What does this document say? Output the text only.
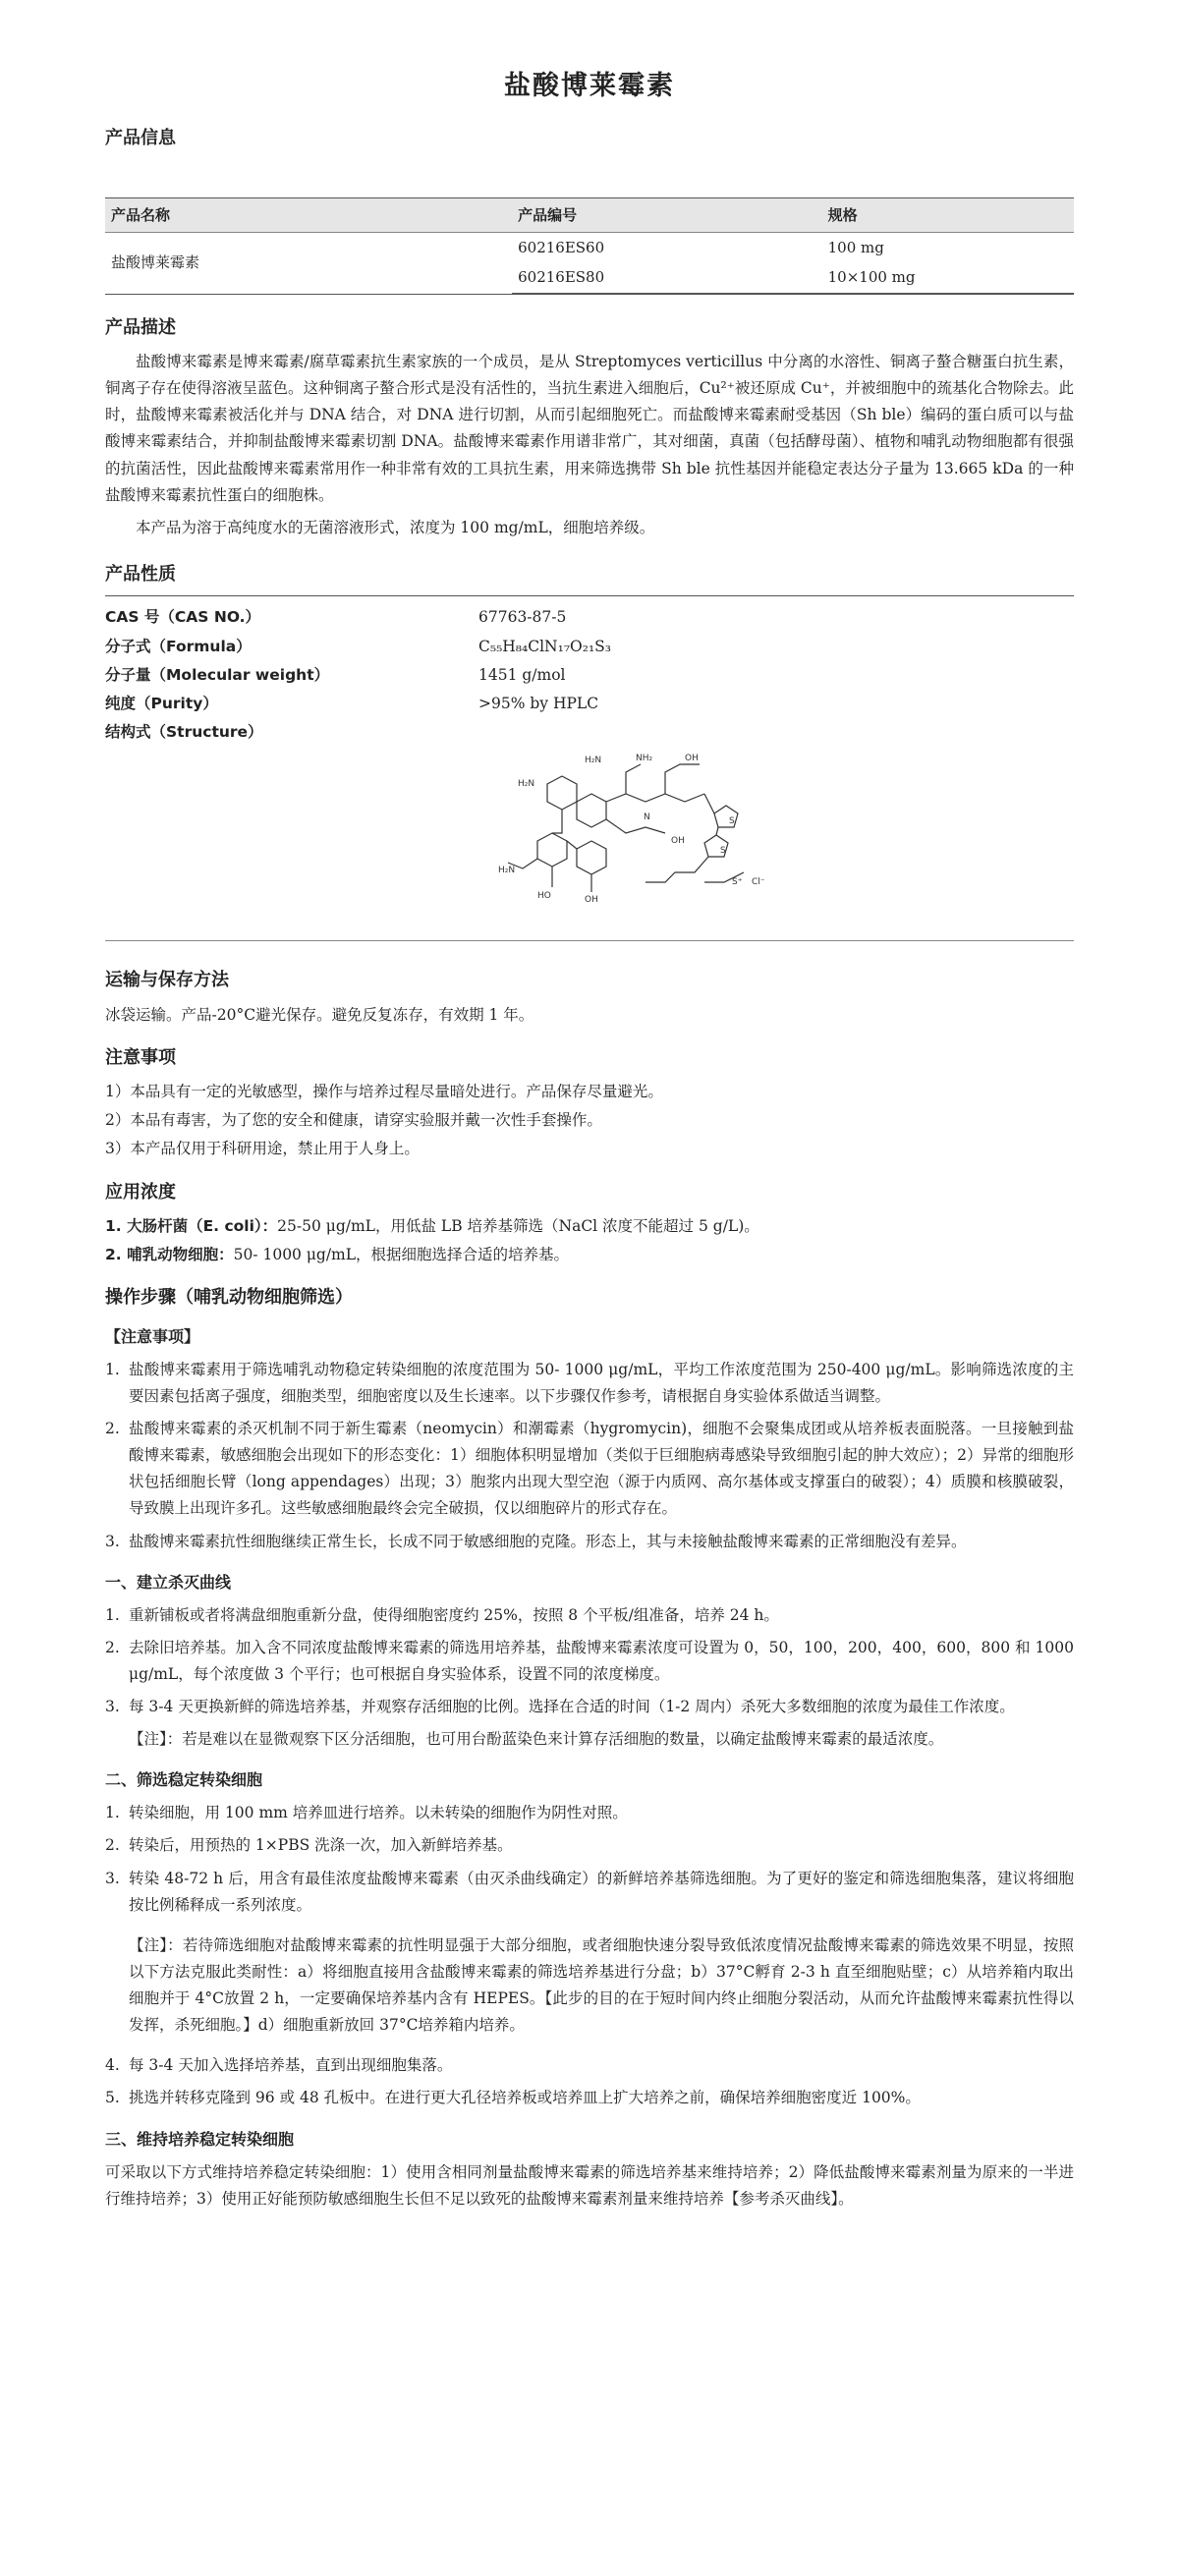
盐酸博莱霉素
产品信息
产品名称	产品编号	规格
盐酸博莱霉素	60216ES60	100 mg
	60216ES80	10×100 mg
产品描述

盐酸博来霉素是博来霉素/腐草霉素抗生素家族的一个成员，是从 Streptomyces verticillus 中分离的水溶性、铜离子螯合糖蛋白抗生素，铜离子存在使得溶液呈蓝色。这种铜离子螯合形式是没有活性的，当抗生素进入细胞后，Cu²⁺被还原成 Cu⁺，并被细胞中的巯基化合物除去。此时，盐酸博来霉素被活化并与 DNA 结合，对 DNA 进行切割，从而引起细胞死亡。而盐酸博来霉素耐受基因（Sh ble）编码的蛋白质可以与盐酸博来霉素结合，并抑制盐酸博来霉素切割 DNA。盐酸博来霉素作用谱非常广，其对细菌，真菌（包括酵母菌）、植物和哺乳动物细胞都有很强的抗菌活性，因此盐酸博来霉素常用作一种非常有效的工具抗生素，用来筛选携带 Sh ble 抗性基因并能稳定表达分子量为 13.665 kDa 的一种盐酸博来霉素抗性蛋白的细胞株。

本产品为溶于高纯度水的无菌溶液形式，浓度为 100 mg/mL，细胞培养级。

产品性质
CAS 号（CAS NO.）	67763-87-5
分子式（Formula）	C₅₅H₈₄ClN₁₇O₂₁S₃
分子量（Molecular weight）	1451 g/mol
纯度（Purity）	>95% by HPLC
结构式（Structure）
H₂N
H₂N	NH₂	OH
N
OH
H₂N
HO	OH
S
S
S⁺ Cl⁻
运输与保存方法
冰袋运输。产品-20°C避光保存。避免反复冻存，有效期 1 年。
注意事项
1）本品具有一定的光敏感型，操作与培养过程尽量暗处进行。产品保存尽量避光。
2）本品有毒害，为了您的安全和健康，请穿实验服并戴一次性手套操作。
3）本产品仅用于科研用途，禁止用于人身上。
应用浓度
1. 大肠杆菌（E. coli）：25-50 μg/mL，用低盐 LB 培养基筛选（NaCl 浓度不能超过 5 g/L)。
2. 哺乳动物细胞：50- 1000 μg/mL，根据细胞选择合适的培养基。
操作步骤（哺乳动物细胞筛选）
【注意事项】
1. 盐酸博来霉素用于筛选哺乳动物稳定转染细胞的浓度范围为 50- 1000 μg/mL，平均工作浓度范围为 250-400 μg/mL。影响筛选浓度的主要因素包括离子强度，细胞类型，细胞密度以及生长速率。以下步骤仅作参考，请根据自身实验体系做适当调整。
2. 盐酸博来霉素的杀灭机制不同于新生霉素（neomycin）和潮霉素（hygromycin)，细胞不会聚集成团或从培养板表面脱落。一旦接触到盐酸博来霉素，敏感细胞会出现如下的形态变化：1）细胞体积明显增加（类似于巨细胞病毒感染导致细胞引起的肿大效应）；2）异常的细胞形状包括细胞长臂（long appendages）出现；3）胞浆内出现大型空泡（源于内质网、高尔基体或支撑蛋白的破裂）；4）质膜和核膜破裂，导致膜上出现许多孔。这些敏感细胞最终会完全破损，仅以细胞碎片的形式存在。
3. 盐酸博来霉素抗性细胞继续正常生长，长成不同于敏感细胞的克隆。形态上，其与未接触盐酸博来霉素的正常细胞没有差异。
一、建立杀灭曲线
1. 重新铺板或者将满盘细胞重新分盘，使得细胞密度约 25%，按照 8 个平板/组准备，培养 24 h。
2. 去除旧培养基。加入含不同浓度盐酸博来霉素的筛选用培养基，盐酸博来霉素浓度可设置为 0，50，100，200，400，600，800 和 1000 μg/mL，每个浓度做 3 个平行；也可根据自身实验体系，设置不同的浓度梯度。
3. 每 3-4 天更换新鲜的筛选培养基，并观察存活细胞的比例。选择在合适的时间（1-2 周内）杀死大多数细胞的浓度为最佳工作浓度。
【注】：若是难以在显微观察下区分活细胞，也可用台酚蓝染色来计算存活细胞的数量，以确定盐酸博来霉素的最适浓度。
二、筛选稳定转染细胞
1. 转染细胞，用 100 mm 培养皿进行培养。以未转染的细胞作为阴性对照。
2. 转染后，用预热的 1×PBS 洗涤一次，加入新鲜培养基。
3. 转染 48-72 h 后，用含有最佳浓度盐酸博来霉素（由灭杀曲线确定）的新鲜培养基筛选细胞。为了更好的鉴定和筛选细胞集落，建议将细胞按比例稀释成一系列浓度。
【注】：若待筛选细胞对盐酸博来霉素的抗性明显强于大部分细胞，或者细胞快速分裂导致低浓度情况盐酸博来霉素的筛选效果不明显，按照以下方法克服此类耐性：a）将细胞直接用含盐酸博来霉素的筛选培养基进行分盘；b）37°C孵育 2-3 h 直至细胞贴壁；c）从培养箱内取出细胞并于 4°C放置 2 h，一定要确保培养基内含有 HEPES。【此步的目的在于短时间内终止细胞分裂活动，从而允许盐酸博来霉素抗性得以发挥，杀死细胞。】d）细胞重新放回 37°C培养箱内培养。
4. 每 3-4 天加入选择培养基，直到出现细胞集落。
5. 挑选并转移克隆到 96 或 48 孔板中。在进行更大孔径培养板或培养皿上扩大培养之前，确保培养细胞密度近 100%。
三、维持培养稳定转染细胞
可采取以下方式维持培养稳定转染细胞：1）使用含相同剂量盐酸博来霉素的筛选培养基来维持培养；2）降低盐酸博来霉素剂量为原来的一半进行维持培养；3）使用正好能预防敏感细胞生长但不足以致死的盐酸博来霉素剂量来维持培养【参考杀灭曲线】。
